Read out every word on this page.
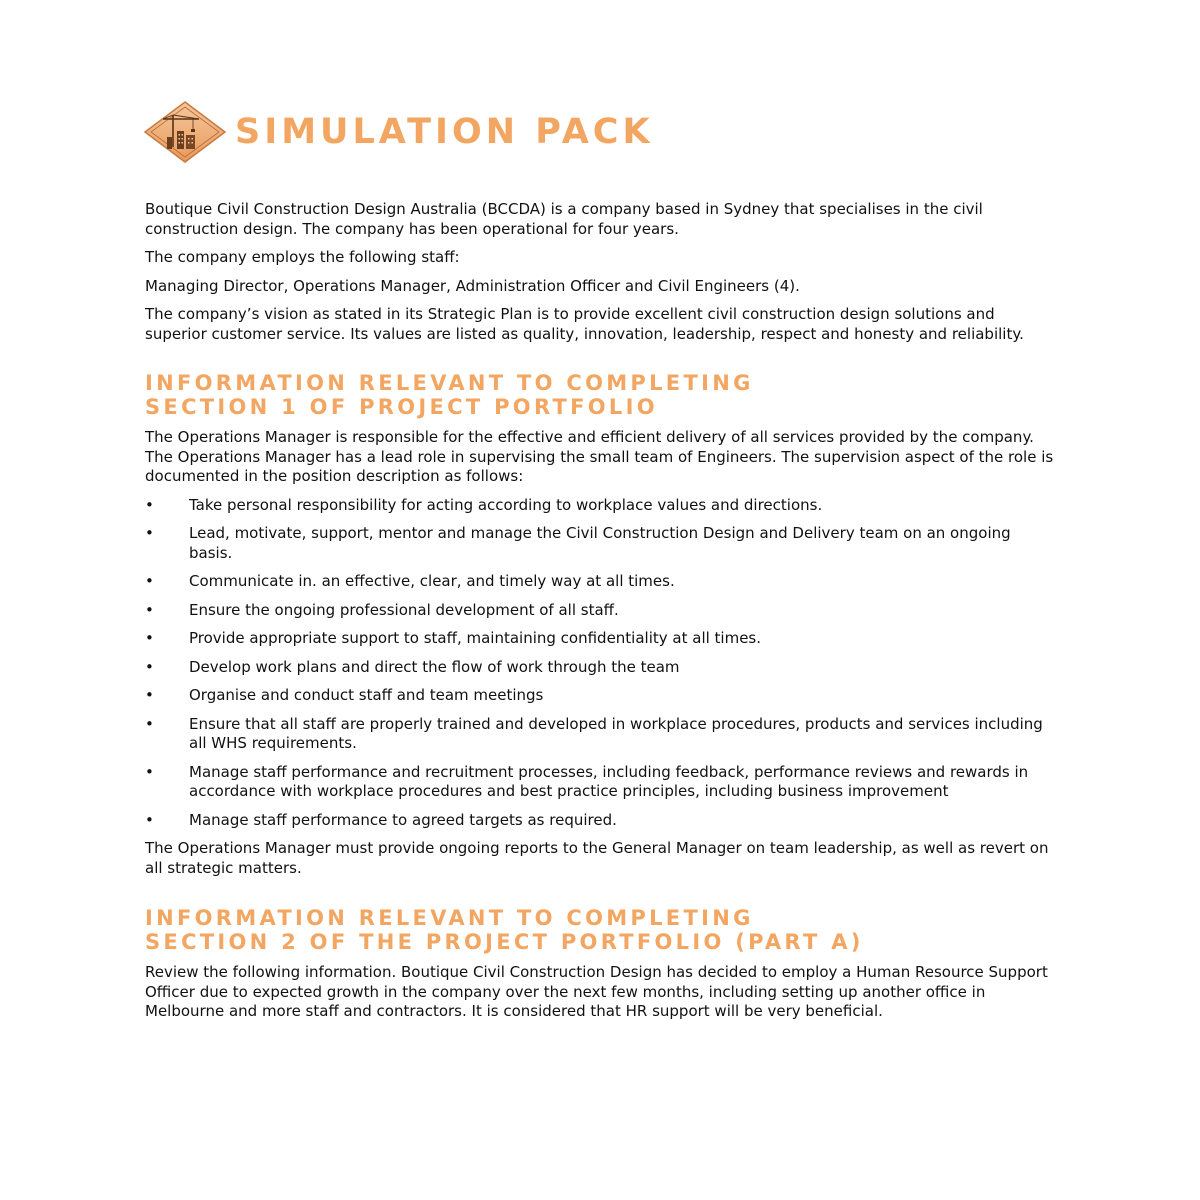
SIMULATION PACK

Boutique Civil Construction Design Australia (BCCDA) is a company based in Sydney that specialises in the civil construction design. The company has been operational for four years.

The company employs the following staff:

Managing Director, Operations Manager, Administration Officer and Civil Engineers (4).

The company’s vision as stated in its Strategic Plan is to provide excellent civil construction design solutions and superior customer service. Its values are listed as quality, innovation, leadership, respect and honesty and reliability.

INFORMATION RELEVANT TO COMPLETING
SECTION 1 OF PROJECT PORTFOLIO

The Operations Manager is responsible for the effective and efficient delivery of all services provided by the company. The Operations Manager has a lead role in supervising the small team of Engineers. The supervision aspect of the role is documented in the position description as follows:

• Take personal responsibility for acting according to workplace values and directions.
• Lead, motivate, support, mentor and manage the Civil Construction Design and Delivery team on an ongoing basis.
• Communicate in. an effective, clear, and timely way at all times.
• Ensure the ongoing professional development of all staff.
• Provide appropriate support to staff, maintaining confidentiality at all times.
• Develop work plans and direct the flow of work through the team
• Organise and conduct staff and team meetings
• Ensure that all staff are properly trained and developed in workplace procedures, products and services including all WHS requirements.
• Manage staff performance and recruitment processes, including feedback, performance reviews and rewards in accordance with workplace procedures and best practice principles, including business improvement
• Manage staff performance to agreed targets as required.

The Operations Manager must provide ongoing reports to the General Manager on team leadership, as well as revert on all strategic matters.

INFORMATION RELEVANT TO COMPLETING
SECTION 2 OF THE PROJECT PORTFOLIO (PART A)

Review the following information. Boutique Civil Construction Design has decided to employ a Human Resource Support Officer due to expected growth in the company over the next few months, including setting up another office in Melbourne and more staff and contractors. It is considered that HR support will be very beneficial.
